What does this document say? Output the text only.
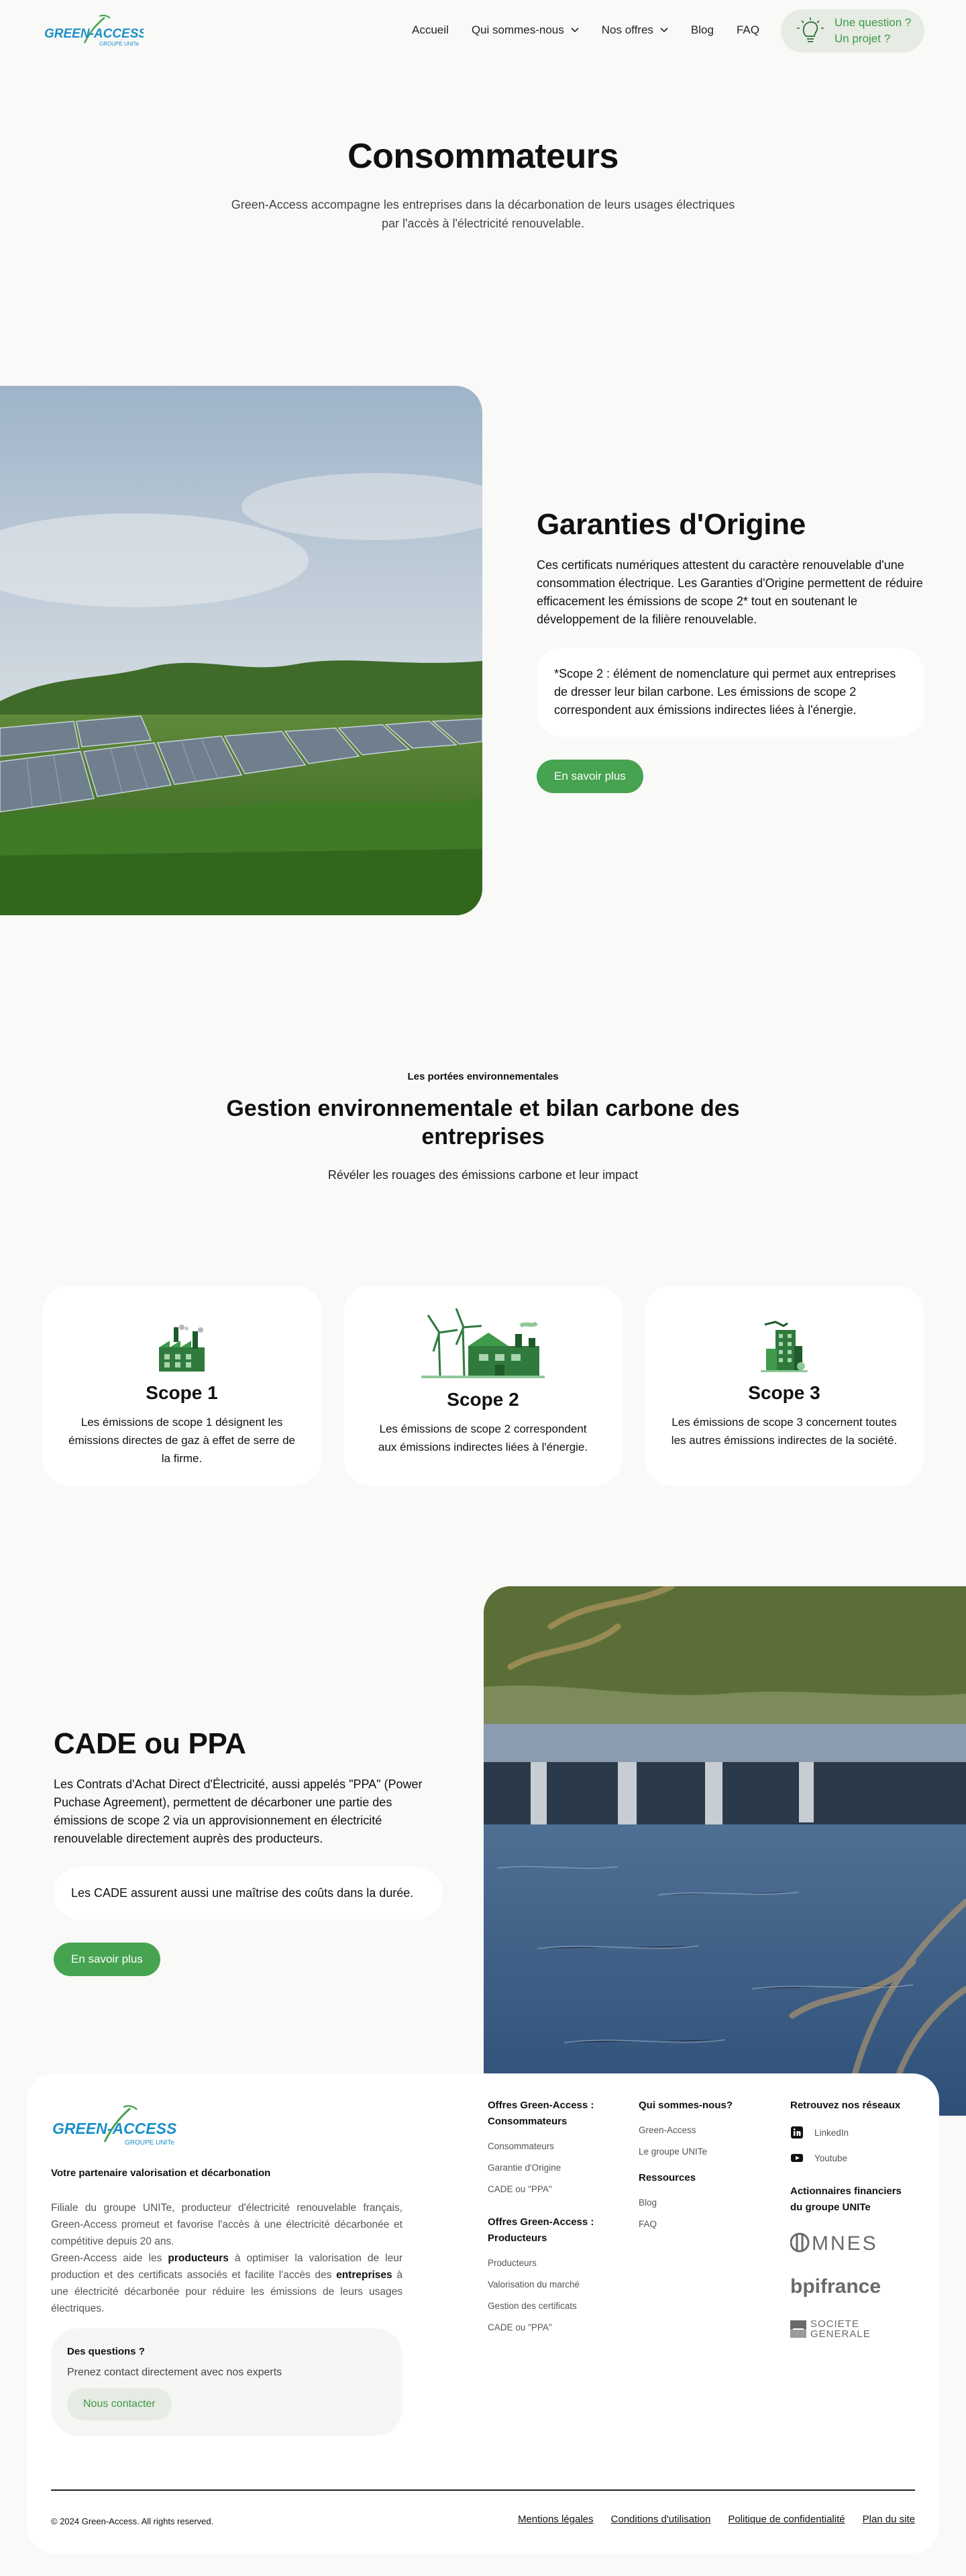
GREEN-ACCESS
GROUPE UNITe
Accueil Qui sommes-nous	Nos offres	Blog FAQ
Une question ?
Un projet ?
Consommateurs

Green-Access accompagne les entreprises dans la décarbonation de leurs usages électriques par l'accès à l'électricité renouvelable.

Garanties d'Origine

Ces certificats numériques attestent du caractère renouvelable d'une consommation électrique. Les Garanties d'Origine permettent de réduire efficacement les émissions de scope 2* tout en soutenant le développement de la filière renouvelable.

*Scope 2 : élément de nomenclature qui permet aux entreprises de dresser leur bilan carbone. Les émissions de scope 2 correspondent aux émissions indirectes liées à l'énergie.
En savoir plus
Les portées environnementales
Gestion environnementale et bilan carbone des entreprises

Révéler les rouages des émissions carbone et leur impact

Scope 1

Les émissions de scope 1 désignent les émissions directes de gaz à effet de serre de la firme.

Scope 2

Les émissions de scope 2 correspondent aux émissions indirectes liées à l'énergie.

Scope 3

Les émissions de scope 3 concernent toutes les autres émissions indirectes de la société.

CADE ou PPA

Les Contrats d'Achat Direct d'Électricité, aussi appelés "PPA" (Power Puchase Agreement), permettent de décarboner une partie des émissions de scope 2 via un approvisionnement en électricité renouvelable directement auprès des producteurs.

Les CADE assurent aussi une maîtrise des coûts dans la durée.
En savoir plus
GREEN-ACCESS
GROUPE UNITe
Votre partenaire valorisation et décarbonation
Filiale du groupe UNITe, producteur d'électricité renouvelable français, Green-Access promeut et favorise l'accès à une électricité décarbonée et compétitive depuis 20 ans.
Green-Access aide les producteurs à optimiser la valorisation de leur production et des certificats associés et facilite l'accès des entreprises à une électricité décarbonée pour réduire les émissions de leurs usages électriques.
Des questions ?

Prenez contact directement avec nos experts

Nous contacter
Offres Green-Access : Consommateurs
Consommateurs
Garantie d'Origine
CADE ou "PPA"
Offres Green-Access : Producteurs
Producteurs
Valorisation du marché
Gestion des certificats
CADE ou "PPA"
Qui sommes-nous?
Green-Access
Le groupe UNITe
Ressources
Blog
FAQ
Retrouvez nos réseaux
LinkedIn
Youtube
Actionnaires financiers du groupe UNITe
MNES
bpifrance
SOCIETE GENERALE
© 2024 Green-Access. All rights reserved.	Mentions légales Conditions d'utilisation Politique de confidentialité Plan du site
